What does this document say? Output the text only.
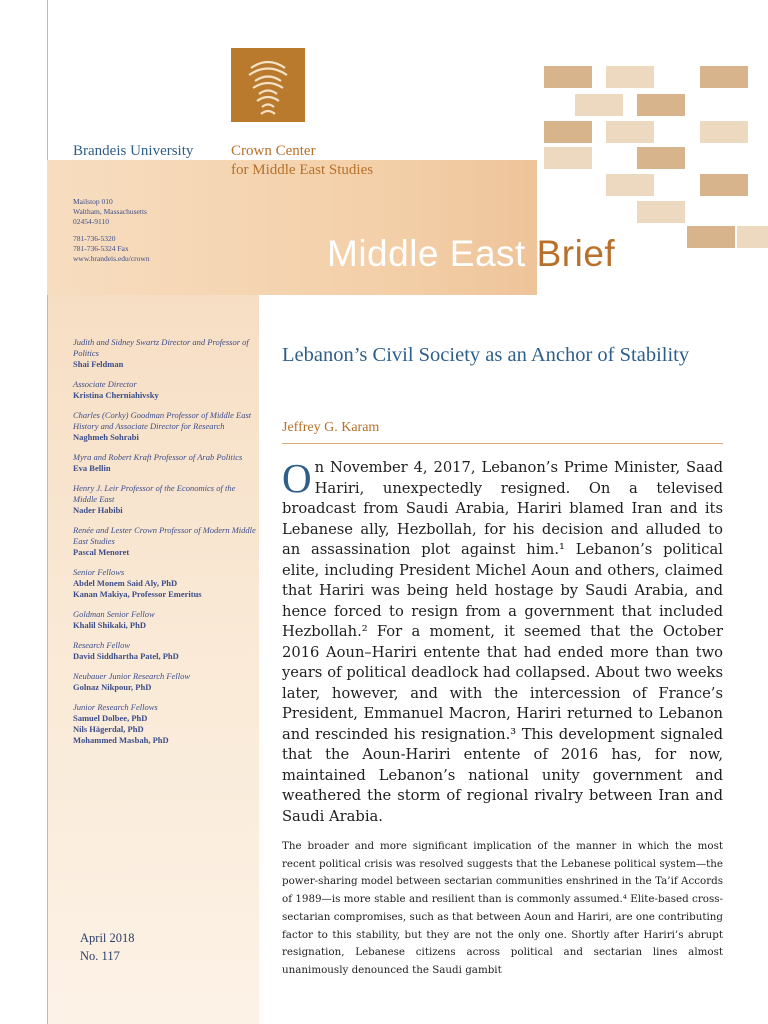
Brandeis University	Crown Center
for Middle East Studies
Mailstop 010
Waltham, Massachusetts
02454-9110
781-736-5320
781-736-5324 Fax
www.brandeis.edu/crown	Middle East Brief
Judith and Sidney Swartz Director and Professor of Politics
Shai Feldman
Associate Director
Kristina Cherniahivsky
Charles (Corky) Goodman Professor of Middle East History and Associate Director for Research
Naghmeh Sohrabi
Myra and Robert Kraft Professor of Arab Politics
Eva Bellin
Henry J. Leir Professor of the Economics of the Middle East
Nader Habibi
Renée and Lester Crown Professor of Modern Middle East Studies
Pascal Menoret
Senior Fellows
Abdel Monem Said Aly, PhD
Kanan Makiya, Professor Emeritus
Goldman Senior Fellow
Khalil Shikaki, PhD
Research Fellow
David Siddhartha Patel, PhD
Neubauer Junior Research Fellow
Golnaz Nikpour, PhD
Junior Research Fellows
Samuel Dolbee, PhD
Nils Hägerdal, PhD
Mohammed Masbah, PhD
April 2018
No. 117
Lebanon’s Civil Society as an Anchor of Stability
Jeffrey G. Karam
On November 4, 2017, Lebanon’s Prime Minister, Saad Hariri, unexpectedly resigned. On a televised broadcast from Saudi Arabia, Hariri blamed Iran and its Lebanese ally, Hezbollah, for his decision and alluded to an assassination plot against him.¹ Lebanon’s political elite, including President Michel Aoun and others, claimed that Hariri was being held hostage by Saudi Arabia, and hence forced to resign from a government that included Hezbollah.² For a moment, it seemed that the October 2016 Aoun–Hariri entente that had ended more than two years of political deadlock had collapsed. About two weeks later, however, and with the intercession of France’s President, Emmanuel Macron, Hariri returned to Lebanon and rescinded his resignation.³ This development signaled that the Aoun-Hariri entente of 2016 has, for now, maintained Lebanon’s national unity government and weathered the storm of regional rivalry between Iran and Saudi Arabia.
The broader and more significant implication of the manner in which the most recent political crisis was resolved suggests that the Lebanese political system—the power-sharing model between sectarian communities enshrined in the Ta’if Accords of 1989—is more stable and resilient than is commonly assumed.⁴ Elite-based cross-sectarian compromises, such as that between Aoun and Hariri, are one contributing factor to this stability, but they are not the only one. Shortly after Hariri’s abrupt resignation, Lebanese citizens across political and sectarian lines almost unanimously denounced the Saudi gambit
